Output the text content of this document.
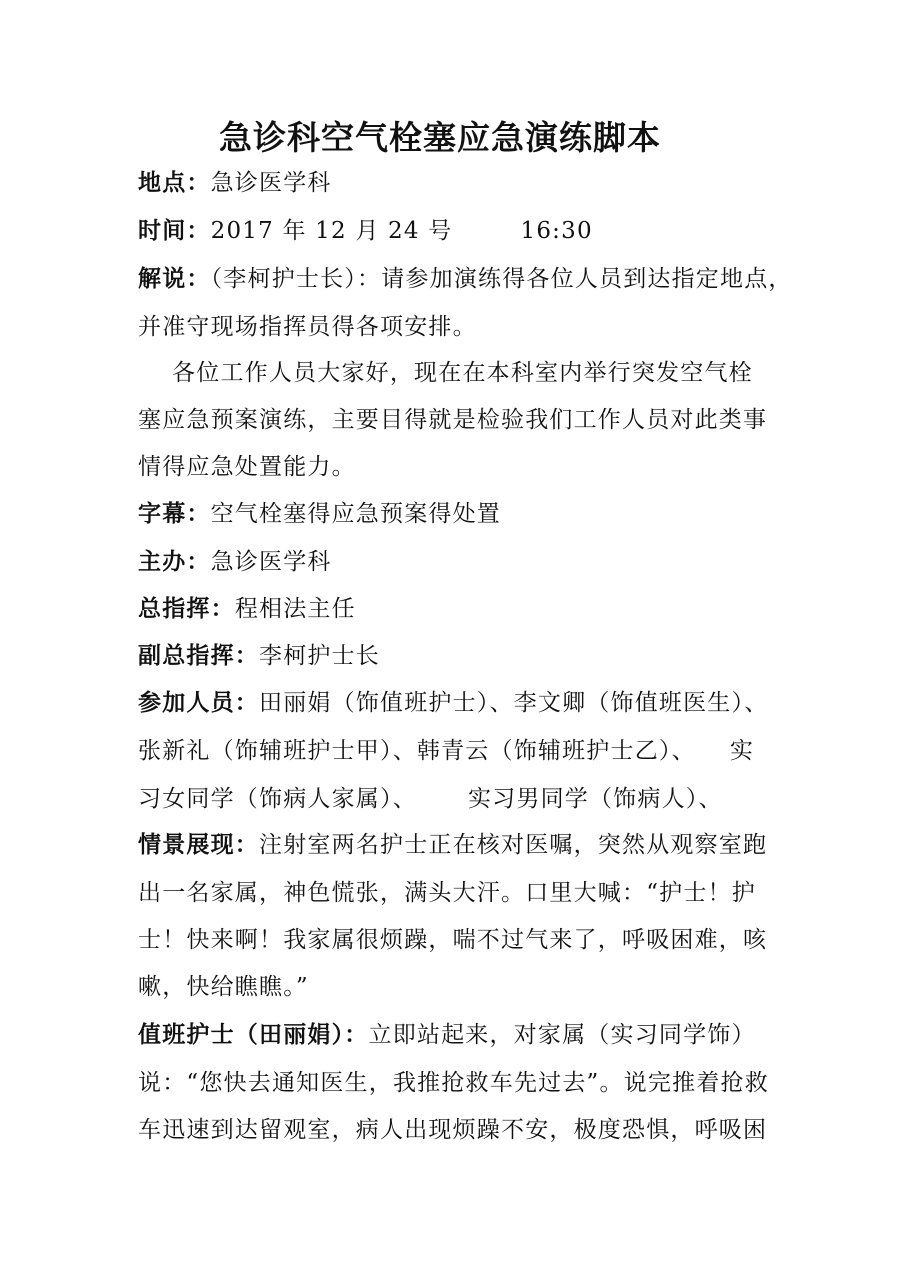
急诊科空气栓塞应急演练脚本
地点：急诊医学科
时间：2017 年 12 月 24 号        16:30
解说：（李柯护士长）：请参加演练得各位人员到达指定地点，
并准守现场指挥员得各项安排。
各位工作人员大家好，现在在本科室内举行突发空气栓
塞应急预案演练，主要目得就是检验我们工作人员对此类事
情得应急处置能力。
字幕：空气栓塞得应急预案得处置
主办：急诊医学科
总指挥：程相法主任
副总指挥：李柯护士长
参加人员：田丽娟（饰值班护士）、李文卿（饰值班医生）、
张新礼（饰辅班护士甲）、韩青云（饰辅班护士乙）、    实
习女同学（饰病人家属）、      实习男同学（饰病人）、
情景展现：注射室两名护士正在核对医嘱，突然从观察室跑
出一名家属，神色慌张，满头大汗。口里大喊：“护士！护
士！快来啊！我家属很烦躁，喘不过气来了，呼吸困难，咳
嗽，快给瞧瞧。”
值班护士（田丽娟）：立即站起来，对家属（实习同学饰）
说：“您快去通知医生，我推抢救车先过去”。说完推着抢救
车迅速到达留观室，病人出现烦躁不安，极度恐惧，呼吸困
